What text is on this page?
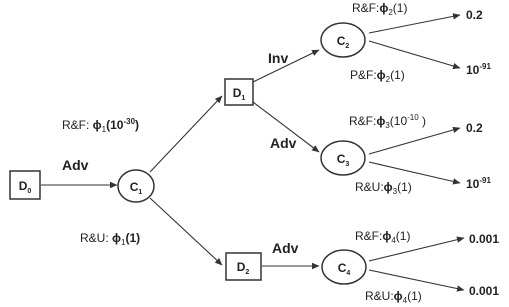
$D_0$
$D_1$
$D_2$
$C_1$
$C_2$
$C_3$
$C_4$
Adv
Inv
Adv
Adv
R&F: $\phi_1(10^{-30})$
R&U: $\phi_1(1)$
$R\&F:\phi_2(1)$
$P\&F:\phi_2(1)$
$R\&F:\phi_3(10^{-10}$ )
$R\&U:\phi_3(1)$
$R\&F:\phi_4(1)$
$R\&U:\phi_4(1)$
0.2
$10^{-91}$
0.2
$10^{-91}$
0.001
0.001
